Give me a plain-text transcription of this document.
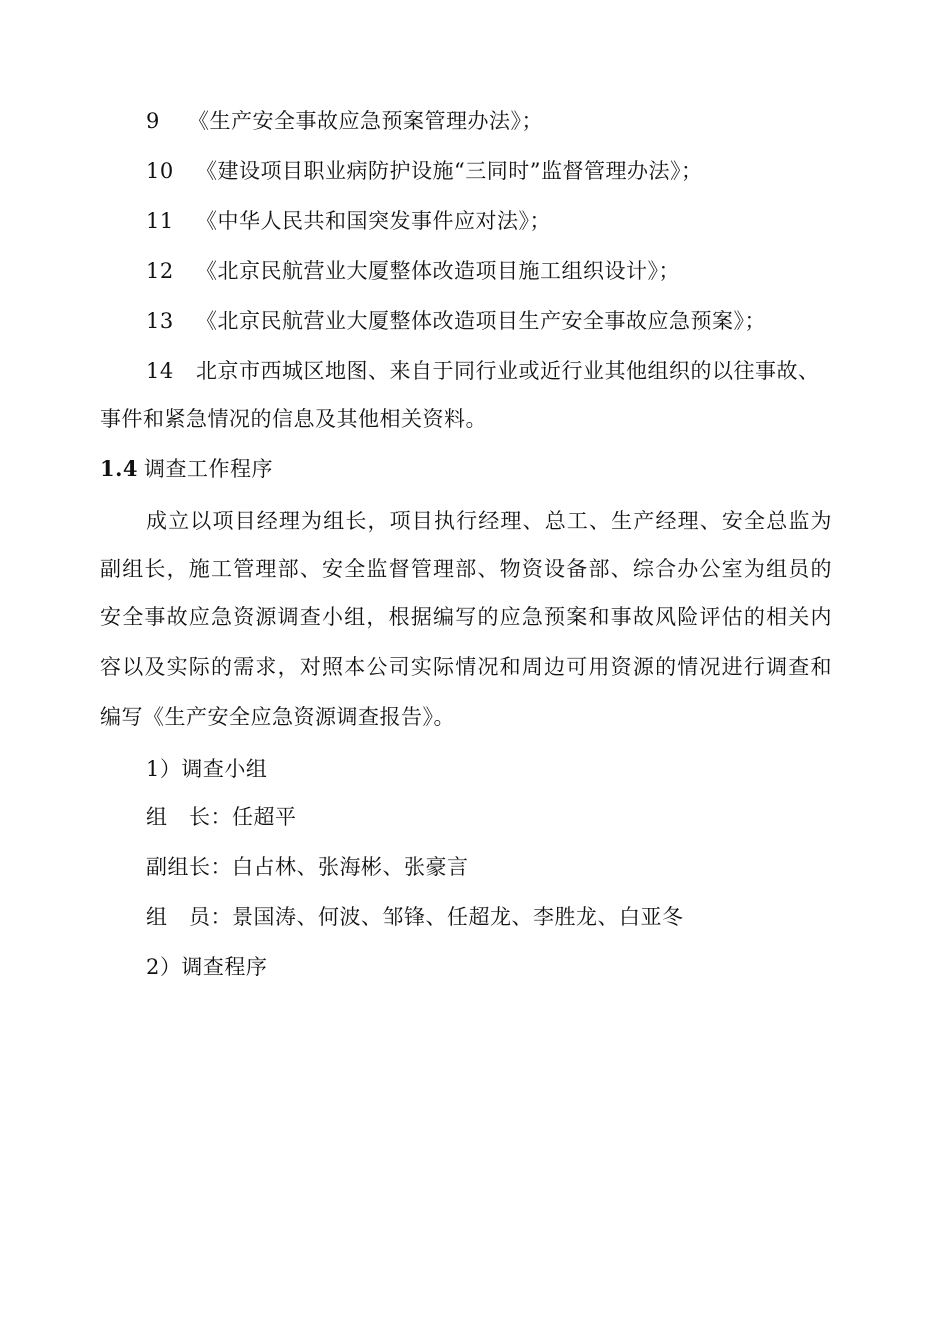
9 《生产安全事故应急预案管理办法》；
10 《建设项目职业病防护设施“三同时”监督管理办法》；
11 《中华人民共和国突发事件应对法》；
12 《北京民航营业大厦整体改造项目施工组织设计》；
13 《北京民航营业大厦整体改造项目生产安全事故应急预案》；
14 北京市西城区地图、来自于同行业或近行业其他组织的以往事故、
事件和紧急情况的信息及其他相关资料。
1.4 调查工作程序
成立以项目经理为组长，项目执行经理、总工、生产经理、安全总监为
副组长，施工管理部、安全监督管理部、物资设备部、综合办公室为组员的
安全事故应急资源调查小组，根据编写的应急预案和事故风险评估的相关内
容以及实际的需求，对照本公司实际情况和周边可用资源的情况进行调查和
编写《生产安全应急资源调查报告》。
1）调查小组
组　长：任超平
副组长：白占林、张海彬、张豪言
组　员：景国涛、何波、邹锋、任超龙、李胜龙、白亚冬
2）调查程序
